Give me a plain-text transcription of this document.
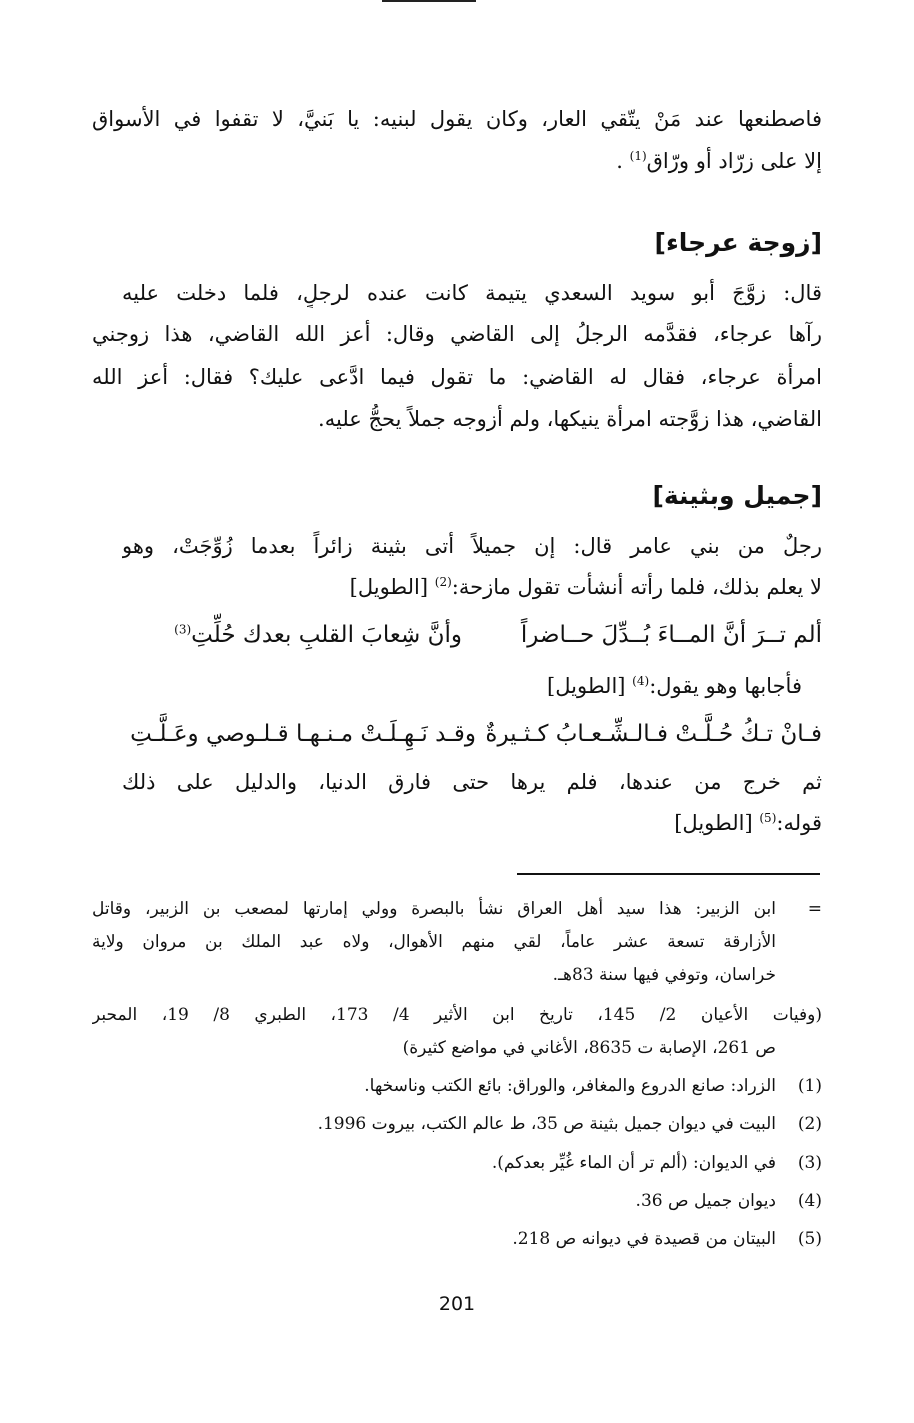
فاصطنعها عند مَنْ يتّقي العار، وكان يقول لبنيه: يا بَنيَّ، لا تقفوا في الأسواق
إلا على زرّاد أو ورّاق$^{(1)}$ .
[زوجة عرجاء]
قال: زوَّجَ أبو سويد السعدي يتيمة كانت عنده لرجلٍ، فلما دخلت عليه
رآها عرجاء، فقدَّمه الرجلُ إلى القاضي وقال: أعز الله القاضي، هذا زوجني
امرأة عرجاء، فقال له القاضي: ما تقول فيما ادَّعى عليك؟ فقال: أعز الله
القاضي، هذا زوَّجته امرأة ينيكها، ولم أزوجه جملاً يحجُّ عليه.
[جميل وبثينة]
رجلٌ من بني عامر قال: إن جميلاً أتى بثينة زائراً بعدما زُوِّجَتْ، وهو
لا يعلم بذلك، فلما رأته أنشأت تقول مازحة:$^{(2)}$ [الطويل]
ألم تــرَ أنَّ المــاءَ بُــدِّلَ حــاضراً
وأنَّ شِعابَ القلبِ بعدك حُلِّتِ$^{(3)}$
فأجابها وهو يقول:$^{(4)}$ [الطويل]
فـانْ تـكُ حُـلَّـتْ فـالـشِّـعـابُ كـثـيرةٌ
وقـد نَـهِـلَـتْ مـنـهـا قـلـوصي وعَـلَّـتِ
ثم خرج من عندها، فلم يرها حتى فارق الدنيا، والدليل على ذلك
قوله:$^{(5)}$ [الطويل]
=
ابن الزبير: هذا سيد أهل العراق نشأ بالبصرة وولي إمارتها لمصعب بن الزبير، وقاتل
الأزارقة تسعة عشر عاماً، لقي منهم الأهوال، ولاه عبد الملك بن مروان ولاية
خراسان، وتوفي فيها سنة 83هـ.
(وفيات الأعيان 2/ 145، تاريخ ابن الأثير 4/ 173، الطبري 8/ 19، المحبر
ص 261، الإصابة ت 8635، الأغاني في مواضع كثيرة)
(1)
الزراد: صانع الدروع والمغافر، والوراق: بائع الكتب وناسخها.
(2)
البيت في ديوان جميل بثينة ص 35، ط عالم الكتب، بيروت 1996.
(3)
في الديوان: (ألم تر أن الماء غُيِّر بعدكم).
(4)
ديوان جميل ص 36.
(5)
البيتان من قصيدة في ديوانه ص 218.
201
